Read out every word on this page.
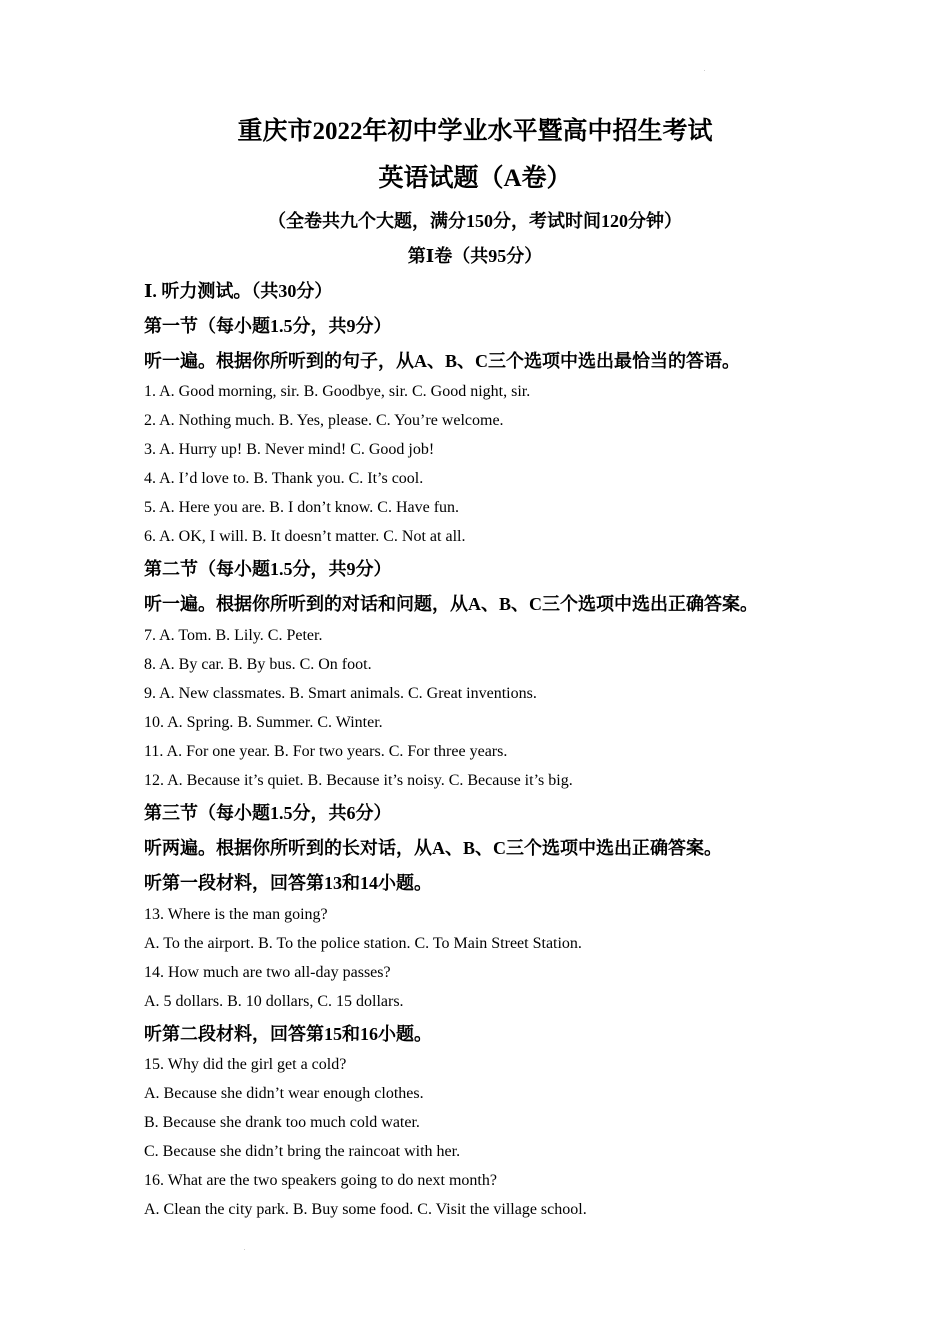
重庆市2022年初中学业水平暨高中招生考试
英语试题（A卷）
（全卷共九个大题，满分150分，考试时间120分钟）
第Ⅰ卷（共95分）
Ⅰ. 听力测试。（共30分）
第一节（每小题1.5分，共9分）
听一遍。根据你所听到的句子，从A、B、C三个选项中选出最恰当的答语。
1. A. Good morning, sir. B. Goodbye, sir. C. Good night, sir.
2. A. Nothing much. B. Yes, please. C. You’re welcome.
3. A. Hurry up! B. Never mind! C. Good job!
4. A. I’d love to. B. Thank you. C. It’s cool.
5. A. Here you are. B. I don’t know. C. Have fun.
6. A. OK, I will. B. It doesn’t matter. C. Not at all.
第二节（每小题1.5分，共9分）
听一遍。根据你所听到的对话和问题，从A、B、C三个选项中选出正确答案。
7. A. Tom. B. Lily. C. Peter.
8. A. By car. B. By bus. C. On foot.
9. A. New classmates. B. Smart animals. C. Great inventions.
10. A. Spring. B. Summer. C. Winter.
11. A. For one year. B. For two years. C. For three years.
12. A. Because it’s quiet. B. Because it’s noisy. C. Because it’s big.
第三节（每小题1.5分，共6分）
听两遍。根据你所听到的长对话，从A、B、C三个选项中选出正确答案。
听第一段材料，回答第13和14小题。
13. Where is the man going?
A. To the airport. B. To the police station. C. To Main Street Station.
14. How much are two all-day passes?
A. 5 dollars. B. 10 dollars, C. 15 dollars.
听第二段材料，回答第15和16小题。
15. Why did the girl get a cold?
A. Because she didn’t wear enough clothes.
B. Because she drank too much cold water.
C. Because she didn’t bring the raincoat with her.
16. What are the two speakers going to do next month?
A. Clean the city park. B. Buy some food. C. Visit the village school.
